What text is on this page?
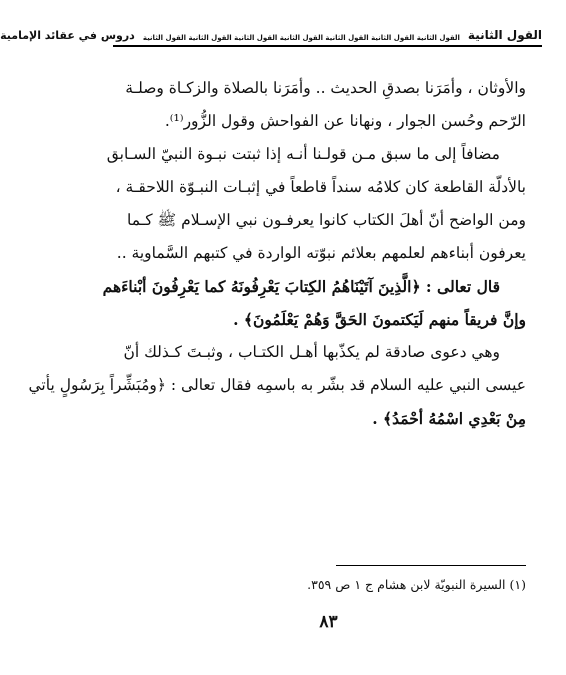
القول الثانية
القول الثانية القول الثانية القول الثانية القول الثانية القول الثانية القول الثانية القول الثانية
دروس في عقائد الإمامية
والأوثان ، وأمَرَنا بصدقِ الحديث .. وأمَرَنا بالصلاة والزكـاة وصلـة
الرّحم وحُسن الجوار ، ونهانا عن الفواحش وقول الزُّور⁽¹⁾.
مضافاً إلى ما سبق مـن قولـنا أنـه إذا ثبتت نبـوة النبيّ السـابق
بالأدلّة القاطعة كان كلامُه سنداً قاطعاً في إثبـات النبـوّة اللاحقـة ،
ومن الواضح أنّ أهلَ الكتاب كانوا يعرفـون نبي الإسـلام ﷺ كـما
يعرفون أبناءهم لعلمهم بعلائم نبوّته الواردة في كتبهم السَّماوية ..
قال تعالى : ﴿الَّذِينَ آتَيْنَاهُمُ الكِتابَ يَعْرِفُونَهُ كما يَعْرِفُونَ أبْناءَهم
وإنَّ فريقاً منهم لَيَكتمونَ الحَقَّ وَهُمْ يَعْلَمُونَ﴾ .
وهي دعوى صادقة لم يكذّبها أهـل الكتـاب ، وثبـتَ كـذلك أنّ
عيسى النبي عليه السلام قد بشّر به باسمِه فقال تعالى : ﴿ومُبَشِّراً بِرَسُولٍ يأتي
مِنْ بَعْدِي اسْمُهُ أحْمَدُ﴾ .
(١) السيرة النبويّة لابن هشام ج ١ ص ٣٥٩.
٨٣
